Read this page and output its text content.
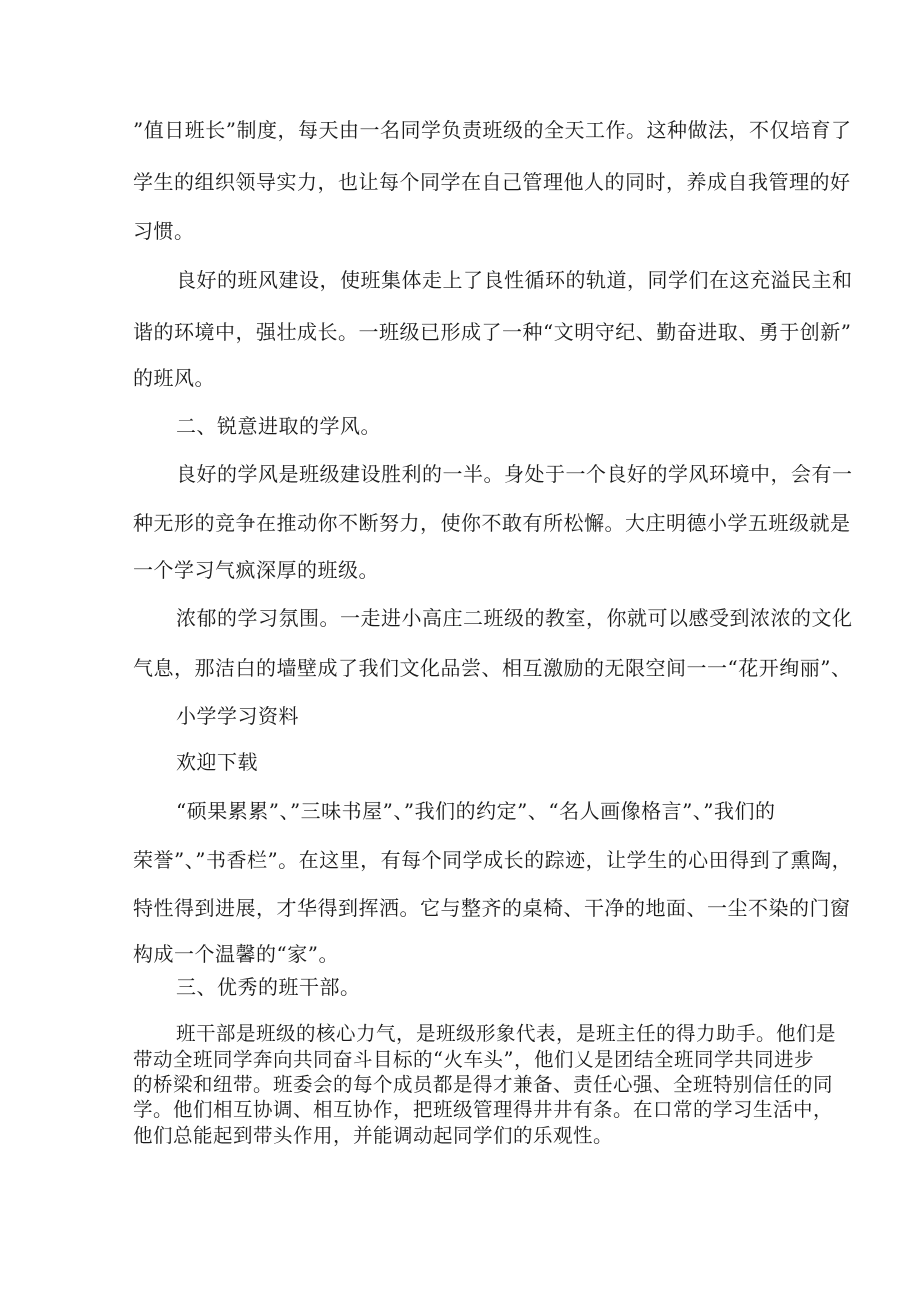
”值日班长”制度，每天由一名同学负责班级的全天工作。这种做法，不仅培育了
学生的组织领导实力，也让每个同学在自己管理他人的同时，养成自我管理的好
习惯。
良好的班风建设，使班集体走上了良性循环的轨道，同学们在这充溢民主和
谐的环境中，强壮成长。一班级已形成了一种“文明守纪、勤奋进取、勇于创新”
的班风。
二、锐意进取的学风。
良好的学风是班级建设胜利的一半。身处于一个良好的学风环境中，会有一
种无形的竞争在推动你不断努力，使你不敢有所松懈。大庄明德小学五班级就是
一个学习气疯深厚的班级。
浓郁的学习氛围。一走进小高庄二班级的教室，你就可以感受到浓浓的文化
气息，那洁白的墙壁成了我们文化品尝、相互激励的无限空间一一“花开绚丽”、
小学学习资料
欢迎下载
“硕果累累”、”三味书屋”、”我们的约定”、“名人画像格言”、”我们的
荣誉”、”书香栏”。在这里，有每个同学成长的踪迹，让学生的心田得到了熏陶，
特性得到进展，才华得到挥洒。它与整齐的桌椅、干净的地面、一尘不染的门窗
构成一个温馨的“家”。
三、优秀的班干部。
班干部是班级的核心力气，是班级形象代表，是班主任的得力助手。他们是
带动全班同学奔向共同奋斗目标的“火车头”，他们乂是团结全班同学共同进步
的桥梁和纽带。班委会的每个成员都是得才兼备、责任心强、全班特别信任的同
学。他们相互协调、相互协作，把班级管理得井井有条。在口常的学习生活中，
他们总能起到带头作用，并能调动起同学们的乐观性。
